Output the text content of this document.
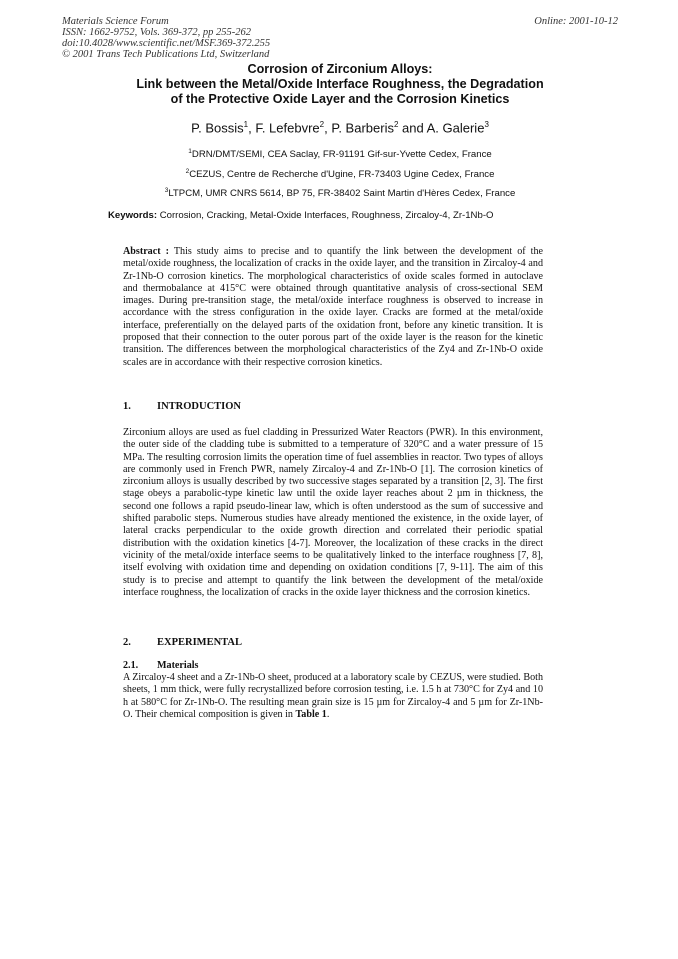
Materials Science Forum
ISSN: 1662-9752, Vols. 369-372, pp 255-262
doi:10.4028/www.scientific.net/MSF.369-372.255
© 2001 Trans Tech Publications Ltd, Switzerland
Online: 2001-10-12
Corrosion of Zirconium Alloys:
Link between the Metal/Oxide Interface Roughness, the Degradation
of the Protective Oxide Layer and the Corrosion Kinetics
P. Bossis$^1$, F. Lefebvre$^2$, P. Barberis$^2$ and A. Galerie$^3$
$^1$DRN/DMT/SEMI, CEA Saclay, FR-91191 Gif-sur-Yvette Cedex, France
$^2$CEZUS, Centre de Recherche d'Ugine, FR-73403 Ugine Cedex, France
$^3$LTPCM, UMR CNRS 5614, BP 75, FR-38402 Saint Martin d'Hères Cedex, France
Keywords: Corrosion, Cracking, Metal-Oxide Interfaces, Roughness, Zircaloy-4, Zr-1Nb-O
Abstract : This study aims to precise and to quantify the link between the development of the metal/oxide roughness, the localization of cracks in the oxide layer, and the transition in Zircaloy-4 and Zr-1Nb-O corrosion kinetics. The morphological characteristics of oxide scales formed in autoclave and thermobalance at 415°C were obtained through quantitative analysis of cross-sectional SEM images. During pre-transition stage, the metal/oxide interface roughness is observed to increase in accordance with the stress configuration in the oxide layer. Cracks are formed at the metal/oxide interface, preferentially on the delayed parts of the oxidation front, before any kinetic transition. It is proposed that their connection to the outer porous part of the oxide layer is the reason for the kinetic transition. The differences between the morphological characteristics of the Zy4 and Zr-1Nb-O oxide scales are in accordance with their respective corrosion kinetics.
1. INTRODUCTION
Zirconium alloys are used as fuel cladding in Pressurized Water Reactors (PWR). In this environment, the outer side of the cladding tube is submitted to a temperature of 320°C and a water pressure of 15 MPa. The resulting corrosion limits the operation time of fuel assemblies in reactor. Two types of alloys are commonly used in French PWR, namely Zircaloy-4 and Zr-1Nb-O [1]. The corrosion kinetics of zirconium alloys is usually described by two successive stages separated by a transition [2, 3]. The first stage obeys a parabolic-type kinetic law until the oxide layer reaches about 2 µm in thickness, the second one follows a rapid pseudo-linear law, which is often understood as the sum of successive and shifted parabolic steps. Numerous studies have already mentioned the existence, in the oxide layer, of lateral cracks perpendicular to the oxide growth direction and correlated their periodic spatial distribution with the oxidation kinetics [4-7]. Moreover, the localization of these cracks in the direct vicinity of the metal/oxide interface seems to be qualitatively linked to the interface roughness [7, 8], itself evolving with oxidation time and depending on oxidation conditions [7, 9-11]. The aim of this study is to precise and attempt to quantify the link between the development of the metal/oxide interface roughness, the localization of cracks in the oxide layer thickness and the corrosion kinetics.
2. EXPERIMENTAL
2.1. Materials
A Zircaloy-4 sheet and a Zr-1Nb-O sheet, produced at a laboratory scale by CEZUS, were studied. Both sheets, 1 mm thick, were fully recrystallized before corrosion testing, i.e. 1.5 h at 730°C for Zy4 and 10 h at 580°C for Zr-1Nb-O. The resulting mean grain size is 15 µm for Zircaloy-4 and 5 µm for Zr-1Nb-O. Their chemical composition is given in Table 1.
